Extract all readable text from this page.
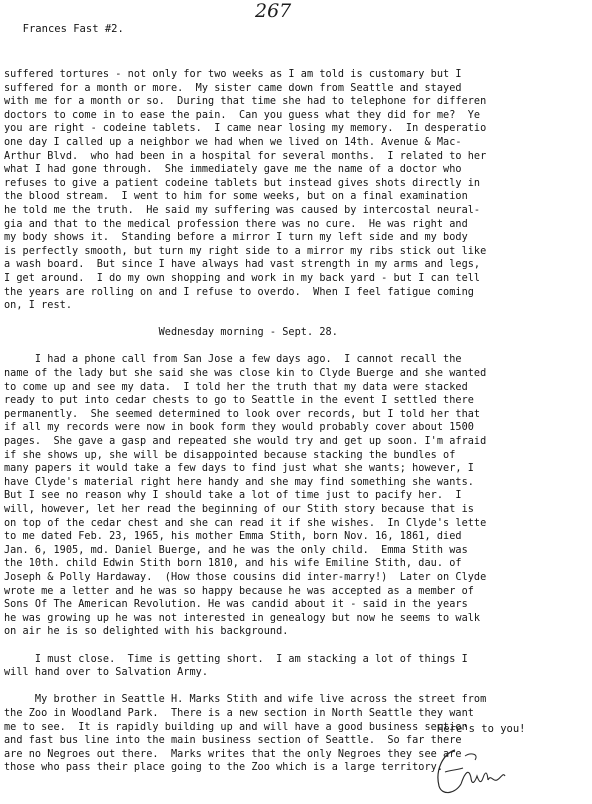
Frances Fast #2.

267
suffered tortures - not only for two weeks as I am told is customary but I
suffered for a month or more.  My sister came down from Seattle and stayed
with me for a month or so.  During that time she had to telephone for differen
doctors to come in to ease the pain.  Can you guess what they did for me?  Ye
you are right - codeine tablets.  I came near losing my memory.  In desperatio
one day I called up a neighbor we had when we lived on 14th. Avenue & Mac-
Arthur Blvd.  who had been in a hospital for several months.  I related to her
what I had gone through.  She immediately gave me the name of a doctor who
refuses to give a patient codeine tablets but instead gives shots directly in
the blood stream.  I went to him for some weeks, but on a final examination
he told me the truth.  He said my suffering was caused by intercostal neural-
gia and that to the medical profession there was no cure.  He was right and
my body shows it.  Standing before a mirror I turn my left side and my body
is perfectly smooth, but turn my right side to a mirror my ribs stick out like
a wash board.  But since I have always had vast strength in my arms and legs,
I get around.  I do my own shopping and work in my back yard - but I can tell
the years are rolling on and I refuse to overdo.  When I feel fatigue coming
on, I rest.
Wednesday morning - Sept. 28.
I had a phone call from San Jose a few days ago.  I cannot recall the
name of the lady but she said she was close kin to Clyde Buerge and she wanted
to come up and see my data.  I told her the truth that my data were stacked
ready to put into cedar chests to go to Seattle in the event I settled there
permanently.  She seemed determined to look over records, but I told her that
if all my records were now in book form they would probably cover about 1500
pages.  She gave a gasp and repeated she would try and get up soon. I'm afraid
if she shows up, she will be disappointed because stacking the bundles of
many papers it would take a few days to find just what she wants; however, I
have Clyde's material right here handy and she may find something she wants.
But I see no reason why I should take a lot of time just to pacify her.  I
will, however, let her read the beginning of our Stith story because that is
on top of the cedar chest and she can read it if she wishes.  In Clyde's lette
to me dated Feb. 23, 1965, his mother Emma Stith, born Nov. 16, 1861, died
Jan. 6, 1905, md. Daniel Buerge, and he was the only child.  Emma Stith was
the 10th. child Edwin Stith born 1810, and his wife Emiline Stith, dau. of
Joseph & Polly Hardaway.  (How those cousins did inter-marry!)  Later on Clyde
wrote me a letter and he was so happy because he was accepted as a member of
Sons Of The American Revolution. He was candid about it - said in the years
he was growing up he was not interested in genealogy but now he seems to walk
on air he is so delighted with his background.
I must close.  Time is getting short.  I am stacking a lot of things I
will hand over to Salvation Army.
My brother in Seattle H. Marks Stith and wife live across the street from
the Zoo in Woodland Park.  There is a new section in North Seattle they want
me to see.  It is rapidly building up and will have a good business section
and fast bus line into the main business section of Seattle.  So far there
are no Negroes out there.  Marks writes that the only Negroes they see are
those who pass their place going to the Zoo which is a large territory.
Here's to you!
